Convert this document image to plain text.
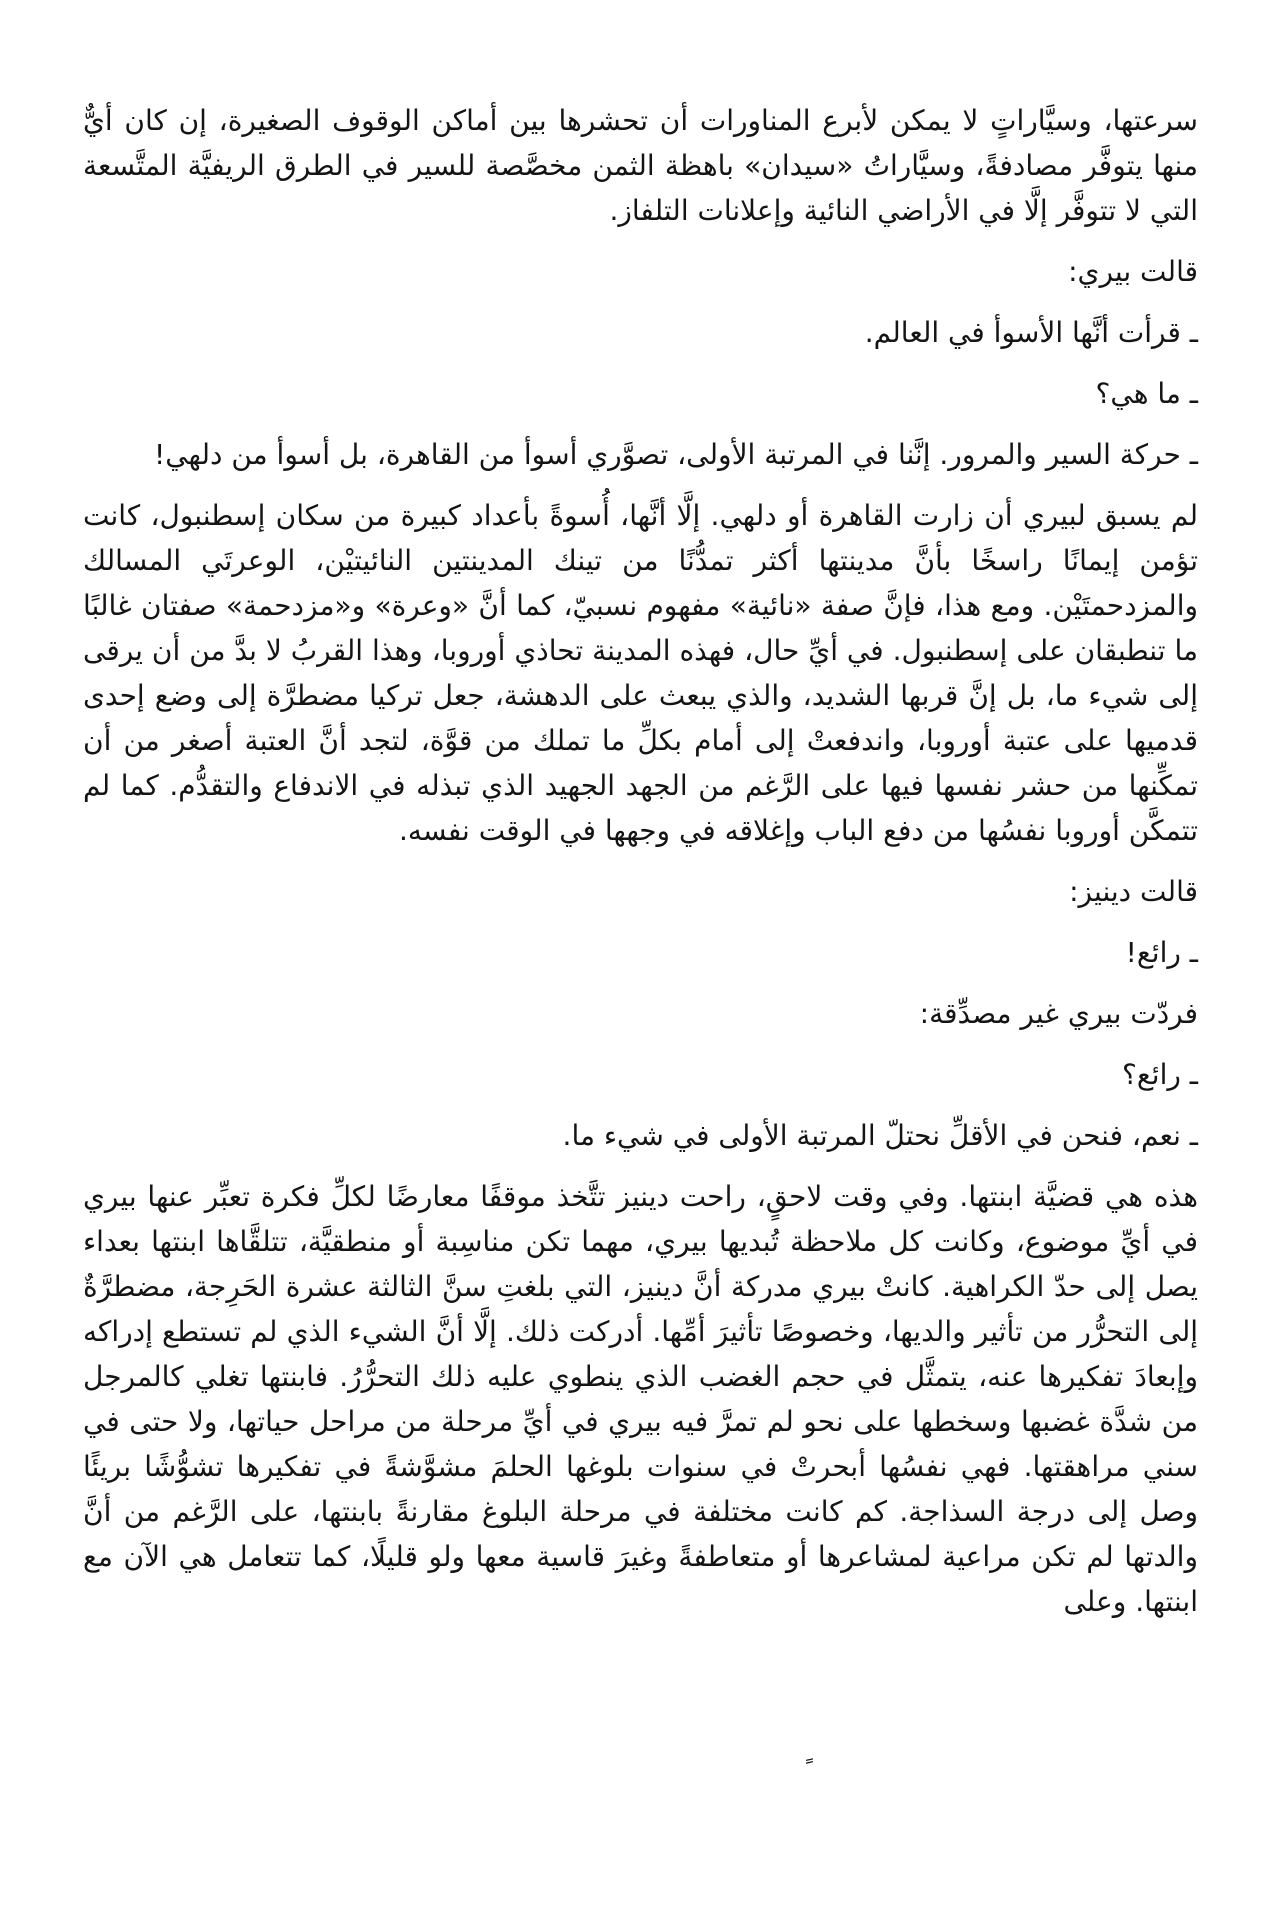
سرعتها، وسيَّاراتٍ لا يمكن لأبرع المناورات أن تحشرها بين أماكن الوقوف الصغيرة، إن كان أيٌّ منها يتوفَّر مصادفةً، وسيَّاراتُ «سيدان» باهظة الثمن مخصَّصة للسير في الطرق الريفيَّة المتَّسعة التي لا تتوفَّر إلَّا في الأراضي النائية وإعلانات التلفاز.

قالت بيري:

ـ قرأت أنَّها الأسوأ في العالم.

ـ ما هي؟

ـ حركة السير والمرور. إنَّنا في المرتبة الأولى، تصوَّري أسوأ من القاهرة، بل أسوأ من دلهي!

لم يسبق لبيري أن زارت القاهرة أو دلهي. إلَّا أنَّها، أُسوةً بأعداد كبيرة من سكان إسطنبول، كانت تؤمن إيمانًا راسخًا بأنَّ مدينتها أكثر تمدُّنًا من تينك المدينتين النائيتيْن، الوعرتَي المسالك والمزدحمتَيْن. ومع هذا، فإنَّ صفة «نائية» مفهوم نسبيّ، كما أنَّ «وعرة» و«مزدحمة» صفتان غالبًا ما تنطبقان على إسطنبول. في أيِّ حال، فهذه المدينة تحاذي أوروبا، وهذا القربُ لا بدَّ من أن يرقى إلى شيء ما، بل إنَّ قربها الشديد، والذي يبعث على الدهشة، جعل تركيا مضطرَّة إلى وضع إحدى قدميها على عتبة أوروبا، واندفعتْ إلى أمام بكلِّ ما تملك من قوَّة، لتجد أنَّ العتبة أصغر من أن تمكِّنها من حشر نفسها فيها على الرَّغم من الجهد الجهيد الذي تبذله في الاندفاع والتقدُّم. كما لم تتمكَّن أوروبا نفسُها من دفع الباب وإغلاقه في وجهها في الوقت نفسه.

قالت دينيز:

ـ رائع!

فردّت بيري غير مصدِّقة:

ـ رائع؟

ـ نعم، فنحن في الأقلِّ نحتلّ المرتبة الأولى في شيء ما.

هذه هي قضيَّة ابنتها. وفي وقت لاحقٍ، راحت دينيز تتَّخذ موقفًا معارضًا لكلِّ فكرة تعبِّر عنها بيري في أيِّ موضوع، وكانت كل ملاحظة تُبديها بيري، مهما تكن مناسِبة أو منطقيَّة، تتلقَّاها ابنتها بعداء يصل إلى حدّ الكراهية. كانتْ بيري مدركة أنَّ دينيز، التي بلغتِ سنَّ الثالثة عشرة الحَرِجة، مضطرَّةٌ إلى التحرُّر من تأثير والديها، وخصوصًا تأثيرَ أمِّها. أدركت ذلك. إلَّا أنَّ الشيء الذي لم تستطع إدراكه وإبعادَ تفكيرها عنه، يتمثَّل في حجم الغضب الذي ينطوي عليه ذلك التحرُّرُ. فابنتها تغلي كالمرجل من شدَّة غضبها وسخطها على نحو لم تمرَّ فيه بيري في أيِّ مرحلة من مراحل حياتها، ولا حتى في سني مراهقتها. فهي نفسُها أبحرتْ في سنوات بلوغها الحلمَ مشوَّشةً في تفكيرها تشوُّشًا بريئًا وصل إلى درجة السذاجة. كم كانت مختلفة في مرحلة البلوغ مقارنةً بابنتها، على الرَّغم من أنَّ والدتها لم تكن مراعية لمشاعرها أو متعاطفةً وغيرَ قاسية معها ولو قليلًا، كما تتعامل هي الآن مع ابنتها. وعلى

ﹰ
